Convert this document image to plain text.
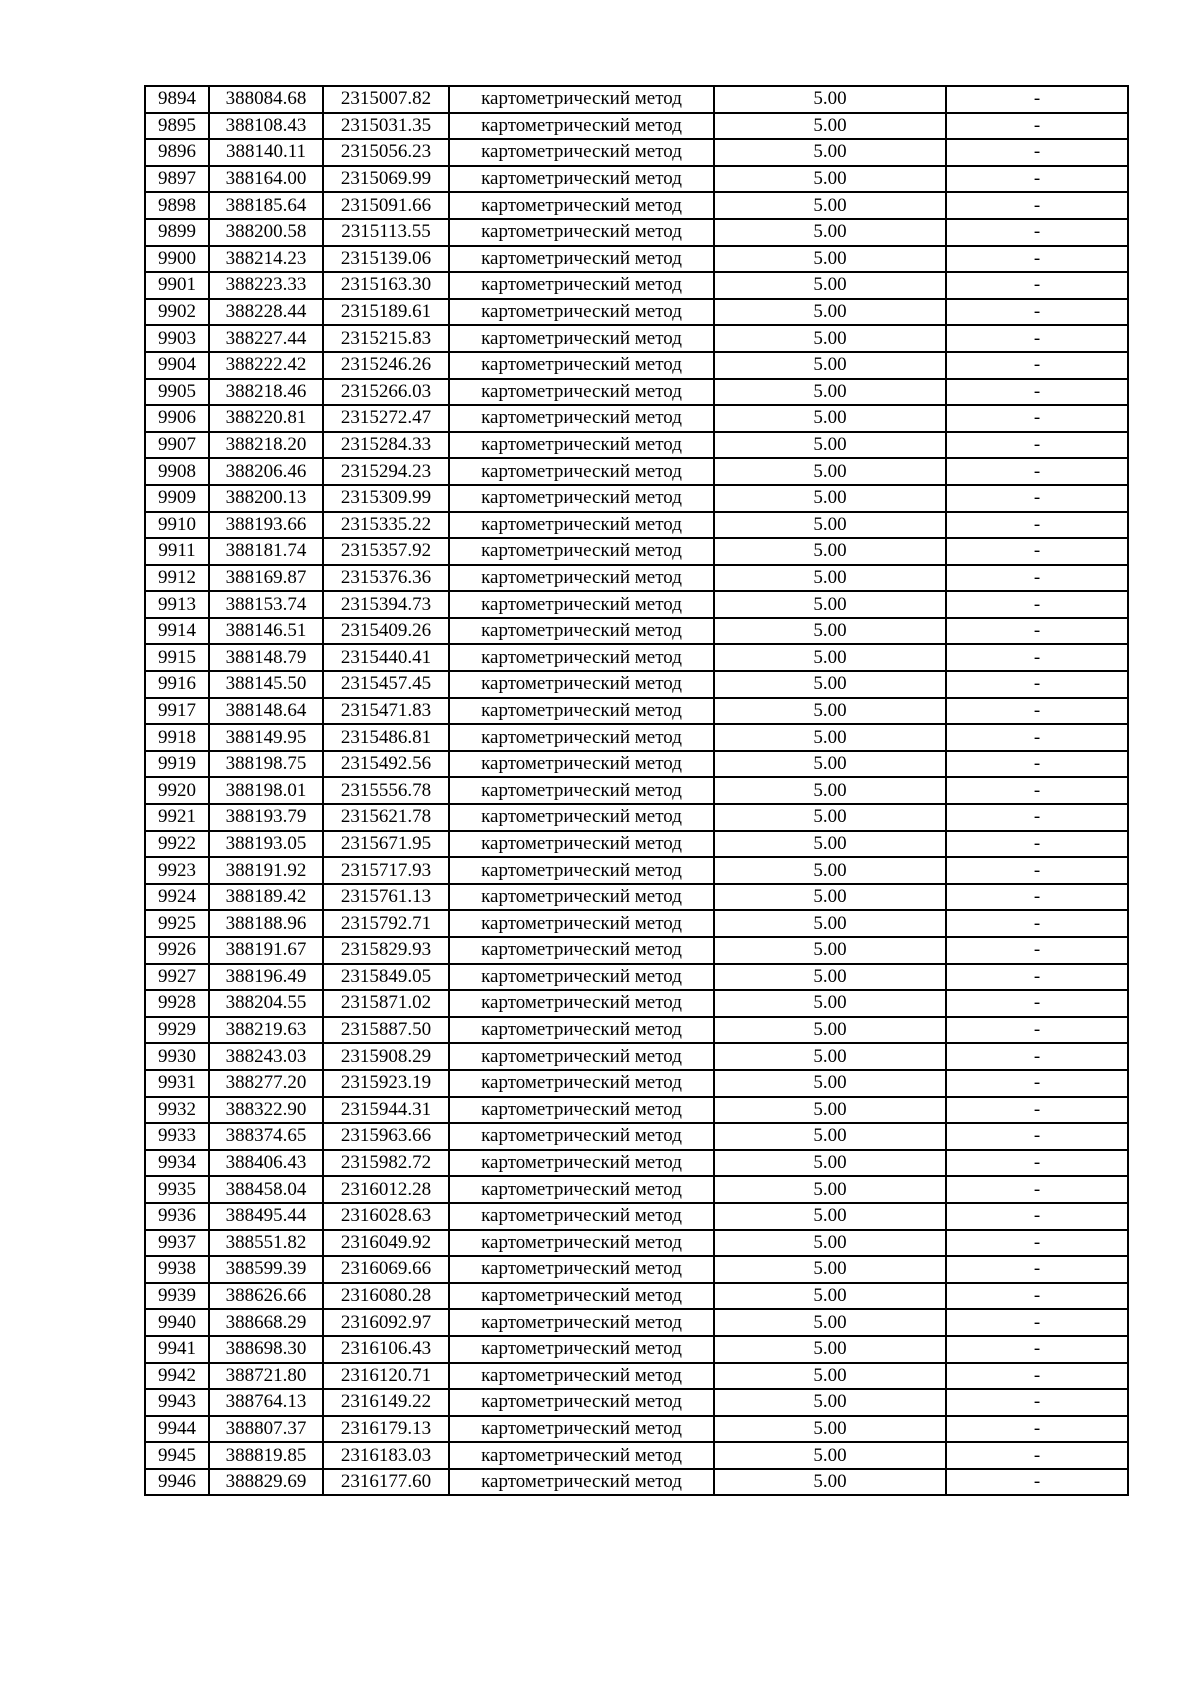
9894	388084.68	2315007.82	картометрический метод	5.00	-
9895	388108.43	2315031.35	картометрический метод	5.00	-
9896	388140.11	2315056.23	картометрический метод	5.00	-
9897	388164.00	2315069.99	картометрический метод	5.00	-
9898	388185.64	2315091.66	картометрический метод	5.00	-
9899	388200.58	2315113.55	картометрический метод	5.00	-
9900	388214.23	2315139.06	картометрический метод	5.00	-
9901	388223.33	2315163.30	картометрический метод	5.00	-
9902	388228.44	2315189.61	картометрический метод	5.00	-
9903	388227.44	2315215.83	картометрический метод	5.00	-
9904	388222.42	2315246.26	картометрический метод	5.00	-
9905	388218.46	2315266.03	картометрический метод	5.00	-
9906	388220.81	2315272.47	картометрический метод	5.00	-
9907	388218.20	2315284.33	картометрический метод	5.00	-
9908	388206.46	2315294.23	картометрический метод	5.00	-
9909	388200.13	2315309.99	картометрический метод	5.00	-
9910	388193.66	2315335.22	картометрический метод	5.00	-
9911	388181.74	2315357.92	картометрический метод	5.00	-
9912	388169.87	2315376.36	картометрический метод	5.00	-
9913	388153.74	2315394.73	картометрический метод	5.00	-
9914	388146.51	2315409.26	картометрический метод	5.00	-
9915	388148.79	2315440.41	картометрический метод	5.00	-
9916	388145.50	2315457.45	картометрический метод	5.00	-
9917	388148.64	2315471.83	картометрический метод	5.00	-
9918	388149.95	2315486.81	картометрический метод	5.00	-
9919	388198.75	2315492.56	картометрический метод	5.00	-
9920	388198.01	2315556.78	картометрический метод	5.00	-
9921	388193.79	2315621.78	картометрический метод	5.00	-
9922	388193.05	2315671.95	картометрический метод	5.00	-
9923	388191.92	2315717.93	картометрический метод	5.00	-
9924	388189.42	2315761.13	картометрический метод	5.00	-
9925	388188.96	2315792.71	картометрический метод	5.00	-
9926	388191.67	2315829.93	картометрический метод	5.00	-
9927	388196.49	2315849.05	картометрический метод	5.00	-
9928	388204.55	2315871.02	картометрический метод	5.00	-
9929	388219.63	2315887.50	картометрический метод	5.00	-
9930	388243.03	2315908.29	картометрический метод	5.00	-
9931	388277.20	2315923.19	картометрический метод	5.00	-
9932	388322.90	2315944.31	картометрический метод	5.00	-
9933	388374.65	2315963.66	картометрический метод	5.00	-
9934	388406.43	2315982.72	картометрический метод	5.00	-
9935	388458.04	2316012.28	картометрический метод	5.00	-
9936	388495.44	2316028.63	картометрический метод	5.00	-
9937	388551.82	2316049.92	картометрический метод	5.00	-
9938	388599.39	2316069.66	картометрический метод	5.00	-
9939	388626.66	2316080.28	картометрический метод	5.00	-
9940	388668.29	2316092.97	картометрический метод	5.00	-
9941	388698.30	2316106.43	картометрический метод	5.00	-
9942	388721.80	2316120.71	картометрический метод	5.00	-
9943	388764.13	2316149.22	картометрический метод	5.00	-
9944	388807.37	2316179.13	картометрический метод	5.00	-
9945	388819.85	2316183.03	картометрический метод	5.00	-
9946	388829.69	2316177.60	картометрический метод	5.00	-
